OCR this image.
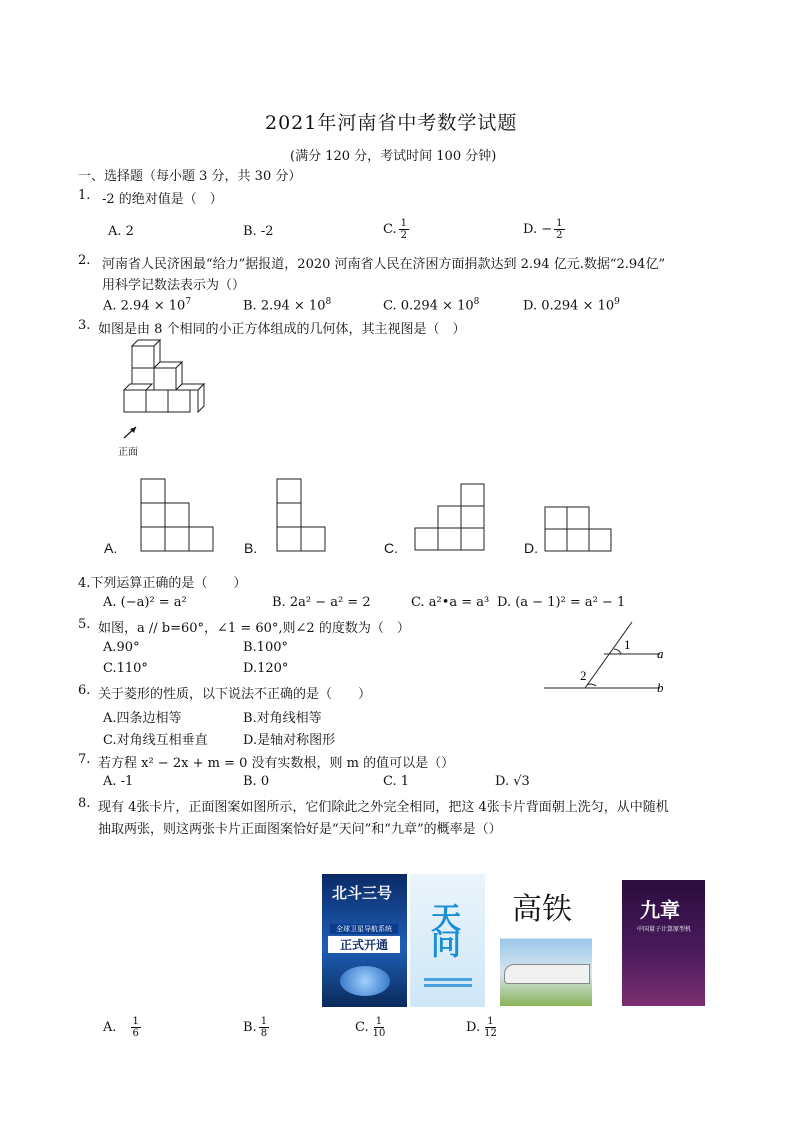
2021年河南省中考数学试题
(满分 120 分，考试时间 100 分钟)
一、选择题（每小题 3 分，共 30 分）
1. -2 的绝对值是（　）
A. 2	B. -2	C. $\frac{1}{2}$	D. − $\frac{1}{2}$
2. 河南省人民济困最“给力”据报道，2020 河南省人民在济困方面捐款达到 2.94 亿元.数据“2.94亿”
用科学记数法表示为（）
A. $2.94 \times 10^7$	B. $2.94 \times 10^8$	C. $0.294 \times 10^8$	D. $0.294 \times 10^9$
3. 如图是由 8 个相同的小正方体组成的几何体，其主视图是（　）
正面
A.	B.	C.	D.
4.下列运算正确的是（　　）
A. (−a)² = a²	B. 2a² − a² = 2	C. a²•a = a³ D. (a − 1)² = a² − 1
5. 如图，a // b=60°，∠1 = 60°,则∠2 的度数为（　）
A.90°	B.100°
C.110°	D.120°
1
2
a
b
6. 关于菱形的性质，以下说法不正确的是（　　）
A.四条边相等	B.对角线相等
C.对角线互相垂直	D.是轴对称图形
7. 若方程 x² − 2x + m = 0 没有实数根，则 m 的值可以是（）
A. -1	B. 0	C. 1	D. √3
8. 现有 4张卡片，正面图案如图所示，它们除此之外完全相同，把这 4张卡片背面朝上洗匀，从中随机
抽取两张，则这两张卡片正面图案恰好是“天问”和“九章”的概率是（）
北斗三号
全球卫星导航系统
正式开通	天问 高铁	九章
中国量子计算原型机
A. $\frac{1}{6}$	B. $\frac{1}{8}$	C. $\frac{1}{10}$	D. $\frac{1}{12}$
